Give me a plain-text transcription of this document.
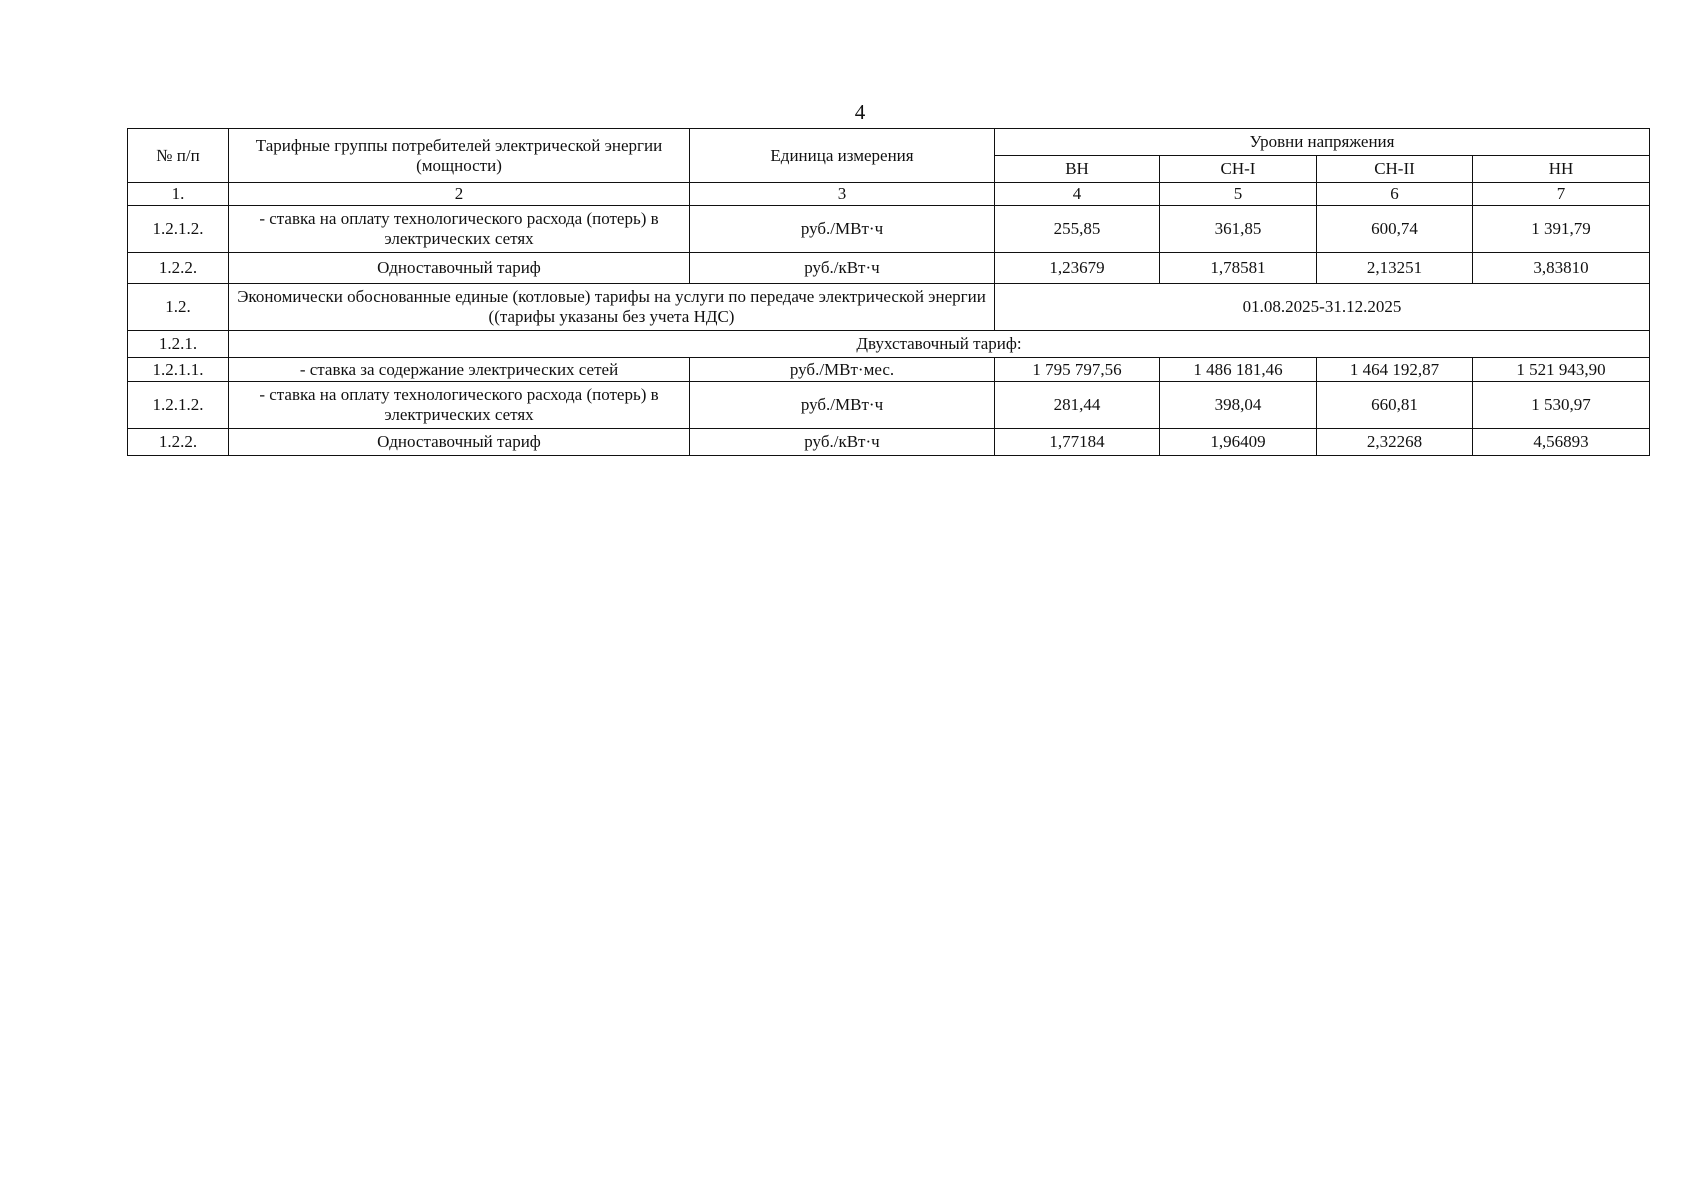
4
№ п/п	Тарифные группы потребителей электрической энергии (мощности)	Единица измерения	Уровни напряжения			
			ВН	СН-I	СН-II	НН
1.	2	3	4	5	6	7
1.2.1.2.	- ставка на оплату технологического расхода (потерь) в электрических сетях	руб./МВт·ч	255,85	361,85	600,74	1 391,79
1.2.2.	Одноставочный тариф	руб./кВт·ч	1,23679	1,78581	2,13251	3,83810
1.2.	Экономически обоснованные единые (котловые) тарифы на услуги по передаче электрической энергии ((тарифы указаны без учета НДС)		01.08.2025-31.12.2025			
1.2.1.	Двухставочный тариф:					
1.2.1.1.	- ставка за содержание электрических сетей	руб./МВт·мес.	1 795 797,56	1 486 181,46	1 464 192,87	1 521 943,90
1.2.1.2.	- ставка на оплату технологического расхода (потерь) в электрических сетях	руб./МВт·ч	281,44	398,04	660,81	1 530,97
1.2.2.	Одноставочный тариф	руб./кВт·ч	1,77184	1,96409	2,32268	4,56893
